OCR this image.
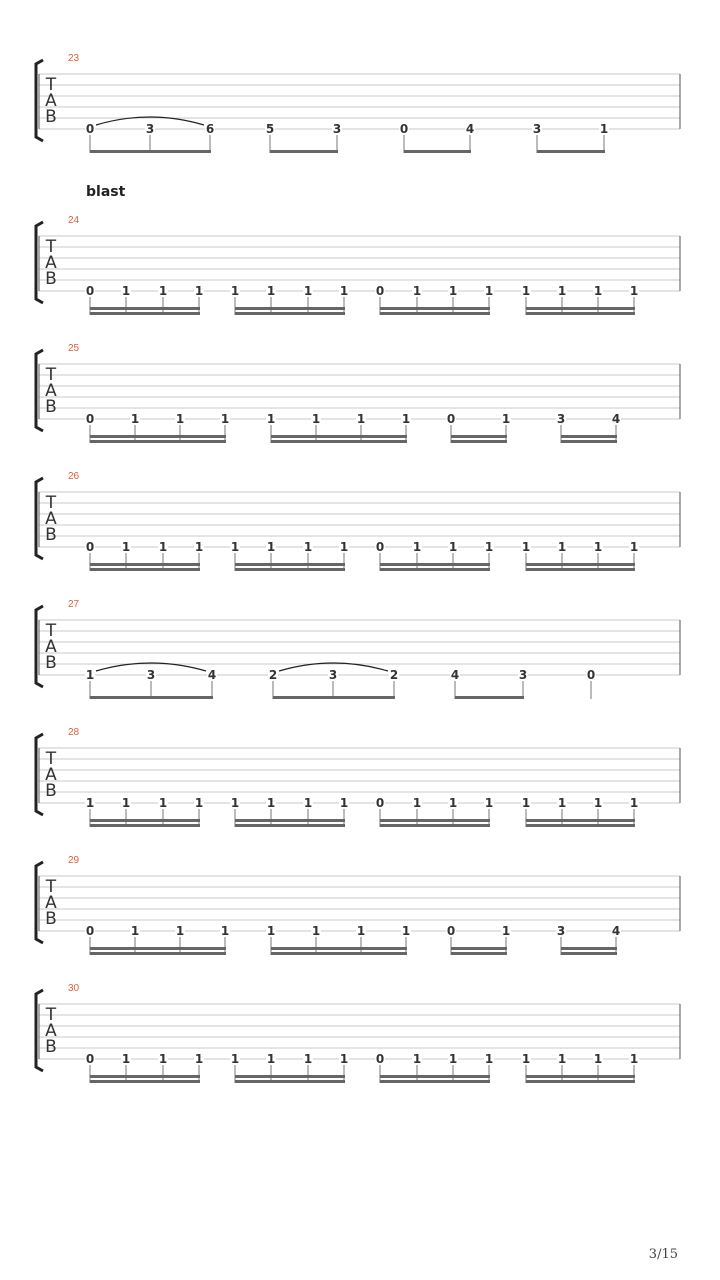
23
T
A
B
0	3	6	5	3	0	4	3	1
24
blast
T
A
B
0 1 1 1 1 1 1 1 0 1 1 1 1 1 1 1
25
T
A
B
0	1	1	1	1	1	1	1	0	1	3	4
26
T
A
B
0 1 1 1 1 1 1 1 0 1 1 1 1 1 1 1
27
T
A
B
1	3	4	2	3	2	4	3	0
28
T
A
B
1 1 1 1 1 1 1 1 0 1 1 1 1 1 1 1
29
T
A
B
0	1	1	1	1	1	1	1	0	1	3	4
30
T
A
B
0 1 1 1 1 1 1 1 0 1 1 1 1 1 1 1
3/15
